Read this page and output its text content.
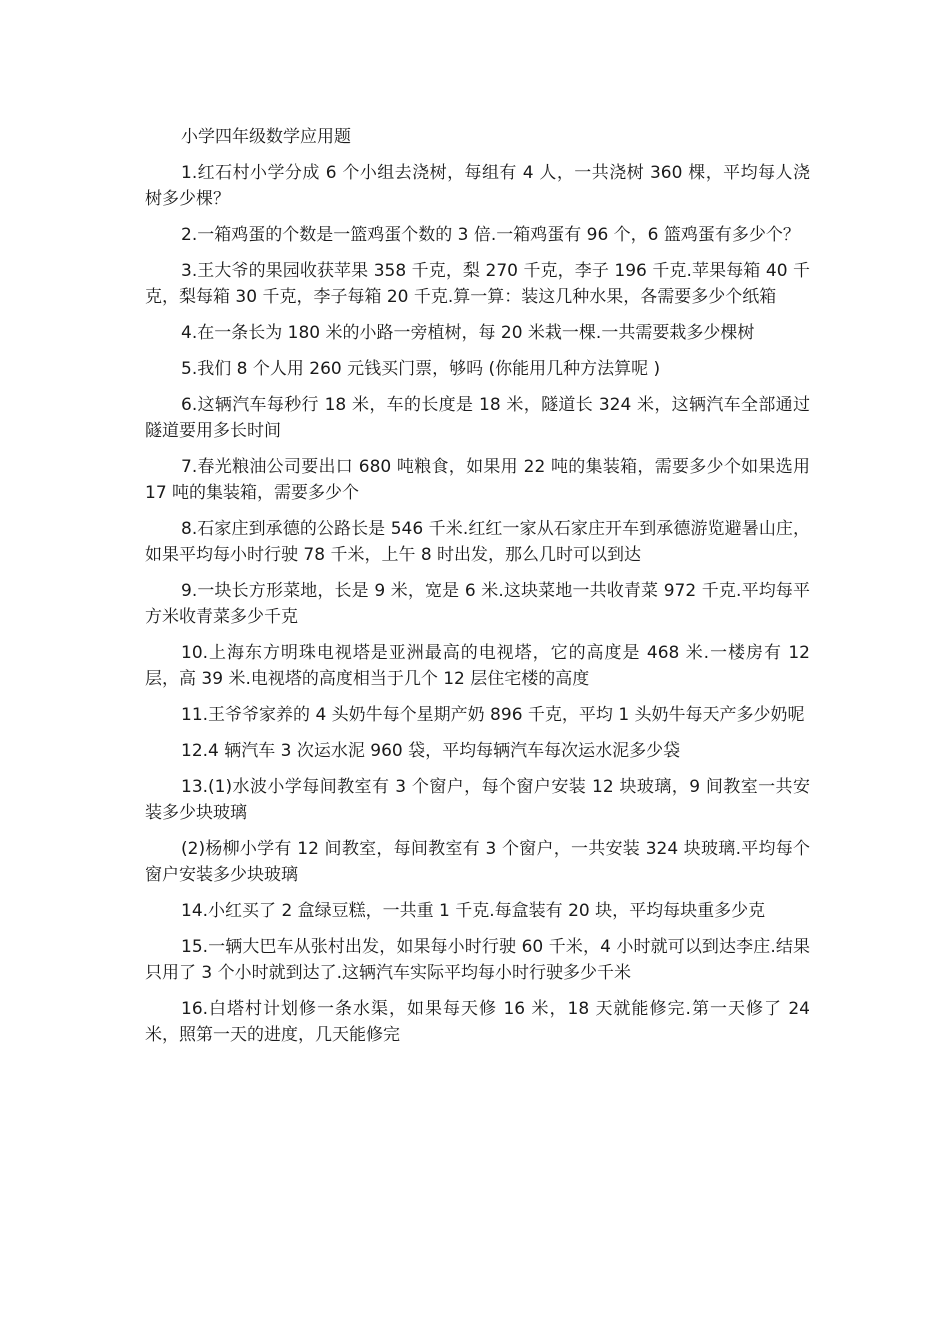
小学四年级数学应用题

1.红石村小学分成 6 个小组去浇树，每组有 4 人，一共浇树 360 棵，平均每人浇树多少棵？

2.一箱鸡蛋的个数是一篮鸡蛋个数的 3 倍.一箱鸡蛋有 96 个，6 篮鸡蛋有多少个？

3.王大爷的果园收获苹果 358 千克，梨 270 千克，李子 196 千克.苹果每箱 40 千克，梨每箱 30 千克，李子每箱 20 千克.算一算：装这几种水果，各需要多少个纸箱

4.在一条长为 180 米的小路一旁植树，每 20 米栽一棵.一共需要栽多少棵树

5.我们 8 个人用 260 元钱买门票，够吗 (你能用几种方法算呢 )

6.这辆汽车每秒行 18 米，车的长度是 18 米，隧道长 324 米，这辆汽车全部通过隧道要用多长时间

7.春光粮油公司要出口 680 吨粮食，如果用 22 吨的集装箱，需要多少个如果选用 17 吨的集装箱，需要多少个

8.石家庄到承德的公路长是 546 千米.红红一家从石家庄开车到承德游览避暑山庄，如果平均每小时行驶 78 千米，上午 8 时出发，那么几时可以到达

9.一块长方形菜地，长是 9 米，宽是 6 米.这块菜地一共收青菜 972 千克.平均每平方米收青菜多少千克

10.上海东方明珠电视塔是亚洲最高的电视塔，它的高度是 468 米.一楼房有 12 层，高 39 米.电视塔的高度相当于几个 12 层住宅楼的高度

11.王爷爷家养的 4 头奶牛每个星期产奶 896 千克，平均 1 头奶牛每天产多少奶呢

12.4 辆汽车 3 次运水泥 960 袋，平均每辆汽车每次运水泥多少袋

13.(1)水波小学每间教室有 3 个窗户，每个窗户安装 12 块玻璃，9 间教室一共安装多少块玻璃

(2)杨柳小学有 12 间教室，每间教室有 3 个窗户，一共安装 324 块玻璃.平均每个窗户安装多少块玻璃

14.小红买了 2 盒绿豆糕，一共重 1 千克.每盒装有 20 块，平均每块重多少克

15.一辆大巴车从张村出发，如果每小时行驶 60 千米，4 小时就可以到达李庄.结果只用了 3 个小时就到达了.这辆汽车实际平均每小时行驶多少千米

16.白塔村计划修一条水渠，如果每天修 16 米，18 天就能修完.第一天修了 24 米，照第一天的进度，几天能修完
